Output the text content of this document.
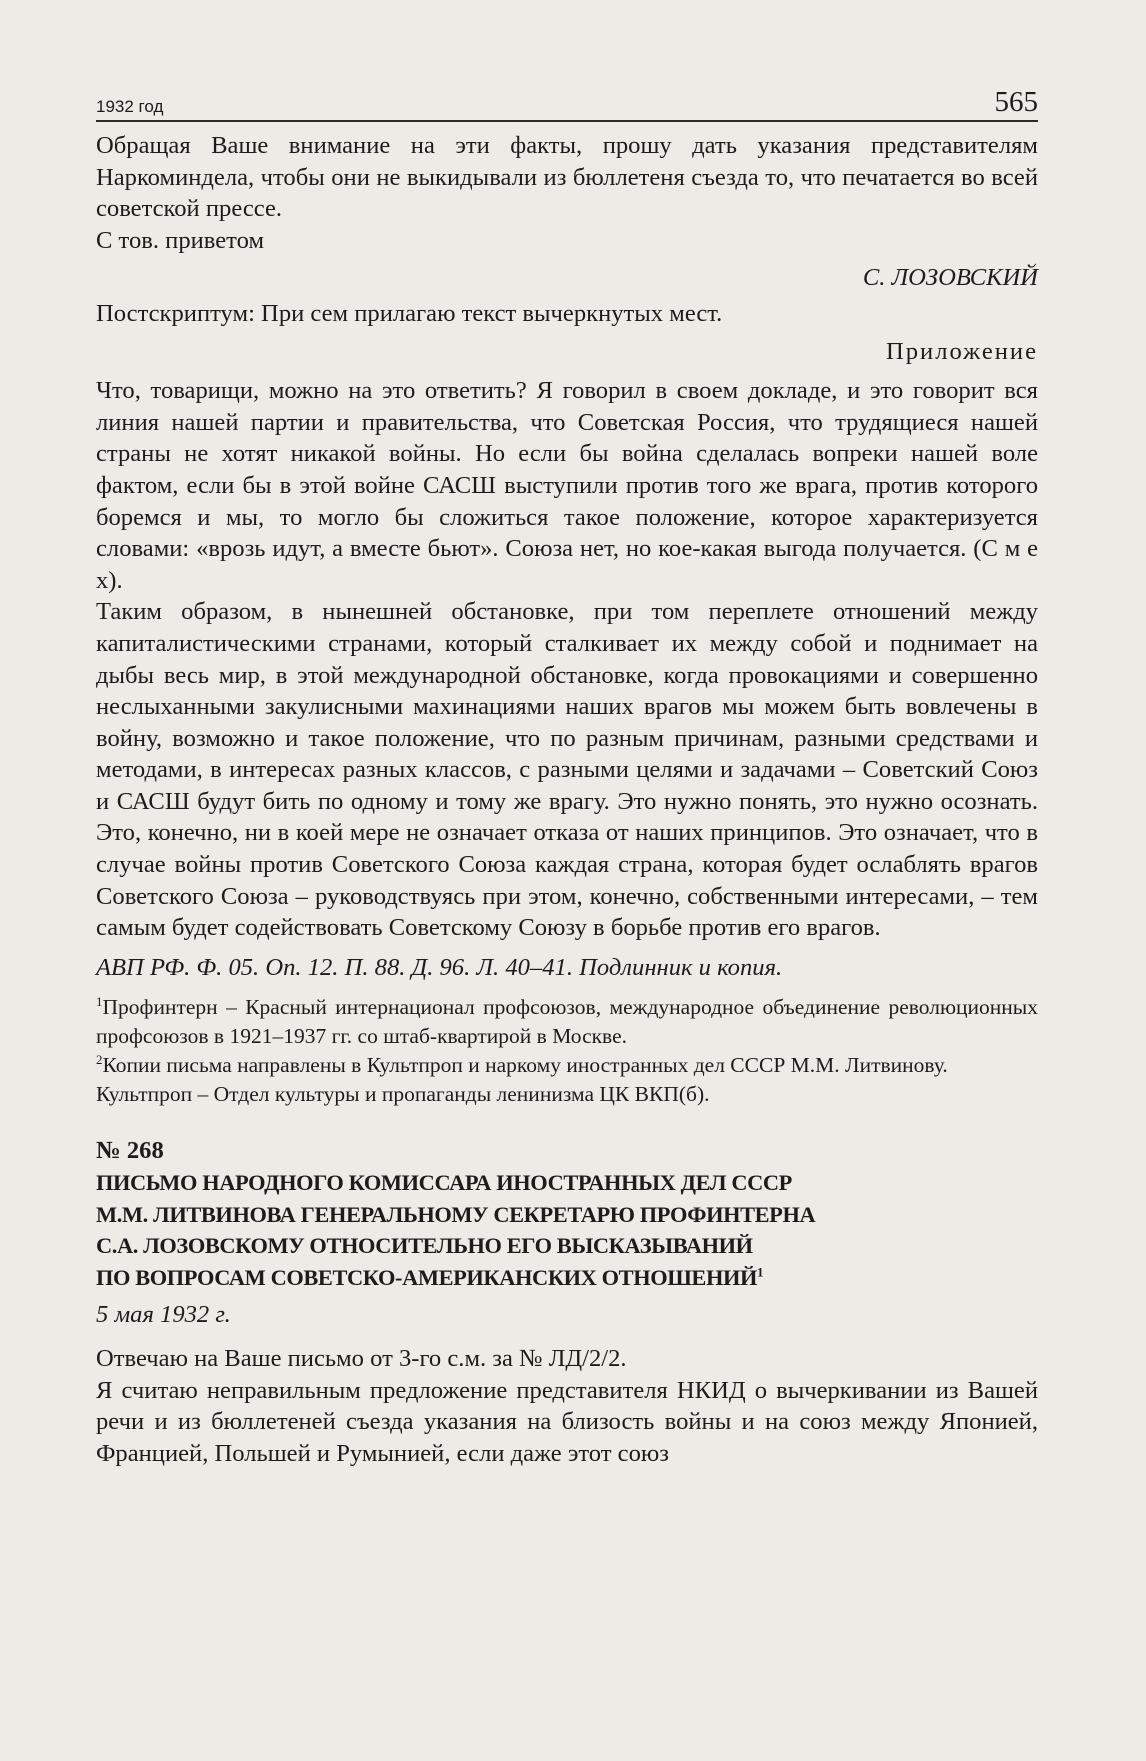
1932 год	565

Обращая Ваше внимание на эти факты, прошу дать указания представителям Наркоминдела, чтобы они не выкидывали из бюллетеня съезда то, что печатается во всей советской прессе.

С тов. приветом

С. ЛОЗОВСКИЙ

Постскриптум: При сем прилагаю текст вычеркнутых мест.

Приложение

Что, товарищи, можно на это ответить? Я говорил в своем докладе, и это говорит вся линия нашей партии и правительства, что Советская Россия, что трудящиеся нашей страны не хотят никакой войны. Но если бы война сделалась вопреки нашей воле фактом, если бы в этой войне САСШ выступили против того же врага, против которого боремся и мы, то могло бы сложиться такое положение, которое характеризуется словами: «врозь идут, а вместе бьют». Союза нет, но кое-какая выгода получается. (С м е х).

Таким образом, в нынешней обстановке, при том переплете отношений между капиталистическими странами, который сталкивает их между собой и поднимает на дыбы весь мир, в этой международной обстановке, когда провокациями и совершенно неслыханными закулисными махинациями наших врагов мы можем быть вовлечены в войну, возможно и такое положение, что по разным причинам, разными средствами и методами, в интересах разных классов, с разными целями и задачами – Советский Союз и САСШ будут бить по одному и тому же врагу. Это нужно понять, это нужно осознать. Это, конечно, ни в коей мере не означает отказа от наших принципов. Это означает, что в случае войны против Советского Союза каждая страна, которая будет ослаблять врагов Советского Союза – руководствуясь при этом, конечно, собственными интересами, – тем самым будет содействовать Советскому Союзу в борьбе против его врагов.

АВП РФ. Ф. 05. Оп. 12. П. 88. Д. 96. Л. 40–41. Подлинник и копия.

$^1$Профинтерн – Красный интернационал профсоюзов, международное объединение революционных профсоюзов в 1921–1937 гг. со штаб-квартирой в Москве.

$^2$Копии письма направлены в Культпроп и наркому иностранных дел СССР М.М. Литвинову.

Культпроп – Отдел культуры и пропаганды ленинизма ЦК ВКП(б).

№ 268

ПИСЬМО НАРОДНОГО КОМИССАРА ИНОСТРАННЫХ ДЕЛ СССР

М.М. ЛИТВИНОВА ГЕНЕРАЛЬНОМУ СЕКРЕТАРЮ ПРОФИНТЕРНА

С.А. ЛОЗОВСКОМУ ОТНОСИТЕЛЬНО ЕГО ВЫСКАЗЫВАНИЙ

ПО ВОПРОСАМ СОВЕТСКО-АМЕРИКАНСКИХ ОТНОШЕНИЙ$^1$

5 мая 1932 г.

Отвечаю на Ваше письмо от 3-го с.м. за № ЛД/2/2.

Я считаю неправильным предложение представителя НКИД о вычеркивании из Вашей речи и из бюллетеней съезда указания на близость войны и на союз между Японией, Францией, Польшей и Румынией, если даже этот союз
